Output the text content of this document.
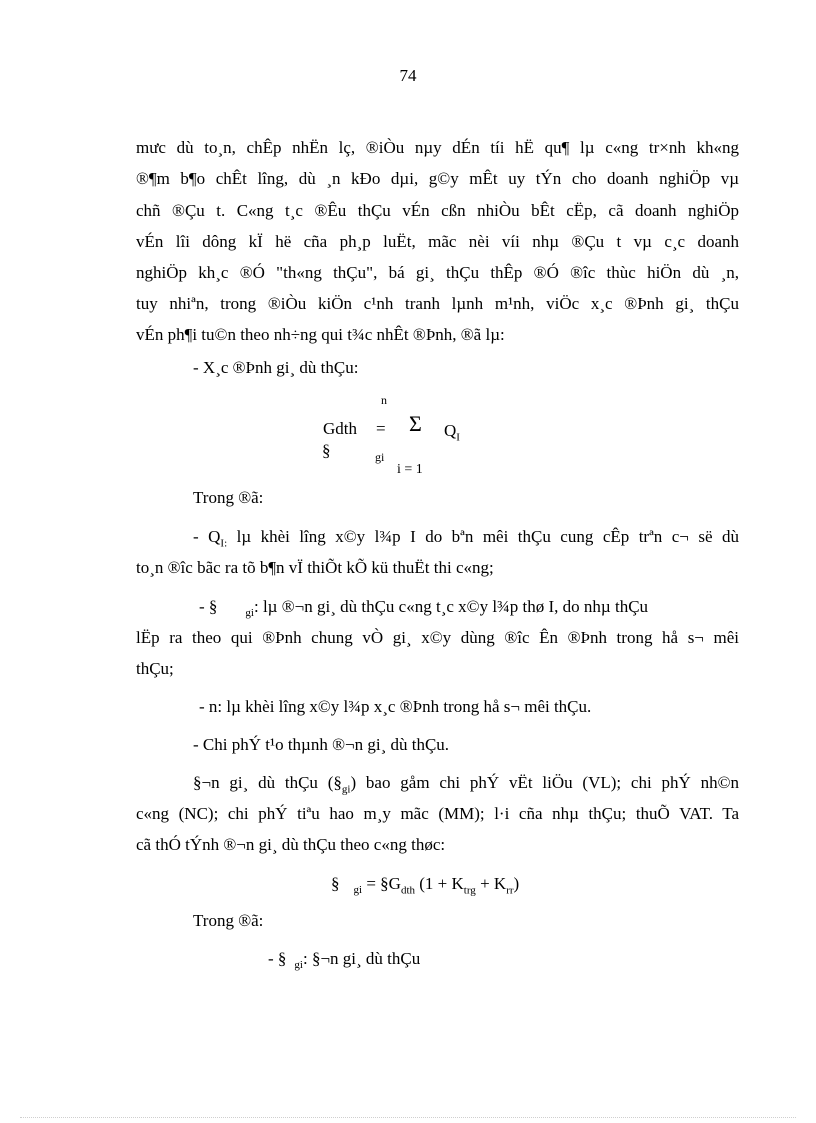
74
mưc dù to¸n, chÊp nhËn lç, ®iÒu nµy dÉn tíi hË qu¶ lµ c«ng tr×nh kh«ng
®¶m b¶o chÊt lîng, dù ¸n kÐo dµi, g©y mÊt uy tÝn cho doanh nghiÖp vµ
chñ ®Çu t. C«ng t¸c ®Êu thÇu vÉn cßn nhiÒu bÊt cËp, cã doanh nghiÖp
vÉn lîi dông kÏ hë cña ph¸p luËt, mãc nèi víi nhµ ®Çu t vµ c¸c doanh
nghiÖp kh¸c ®Ó "th«ng thÇu", bá gi¸ thÇu thÊp ®Ó ®îc thùc hiÖn dù ¸n,
tuy nhiªn, trong ®iÒu kiÖn c¹nh tranh lµnh m¹nh, viÖc x¸c ®Þnh gi¸ thÇu
vÉn ph¶i tu©n theo nh÷ng qui t¾c nhÊt ®Þnh, ®ã lµ:
- X¸c ®Þnh gi¸ dù thÇu:
n
Gdth = Σ $Q_I$
§	gi
i = 1
Trong ®ã:
- $Q_{I:}$ lµ khèi lîng x©y l¾p I do bªn mêi thÇu cung cÊp trªn c¬ së dù
to¸n ®îc bãc ra tõ b¶n vÏ thiÕt kÕ kü thuËt thi c«ng;
- §	$_{gi}$: lµ ®¬n gi¸ dù thÇu c«ng t¸c x©y l¾p thø I, do nhµ thÇu
lËp ra theo qui ®Þnh chung vÒ gi¸ x©y dùng ®îc Ên ®Þnh trong hå s¬ mêi
thÇu;
- n: lµ khèi lîng x©y l¾p x¸c ®Þnh trong hå s¬ mêi thÇu.
- Chi phÝ t¹o thµnh ®¬n gi¸ dù thÇu.
§¬n gi¸ dù thÇu $(\S_{gi})$ bao gåm chi phÝ vËt liÖu (VL); chi phÝ nh©n
c«ng (NC); chi phÝ tiªu hao m¸y mãc (MM); l·i cña nhµ thÇu; thuÕ VAT. Ta
cã thÓ tÝnh ®¬n gi¸ dù thÇu theo c«ng thøc:
§ $_{gi} = \S G_{dth}$ $(1 + K_{trg} + K_{rr})$
Trong ®ã:
- § $_{gi}$: §¬n gi¸ dù thÇu
